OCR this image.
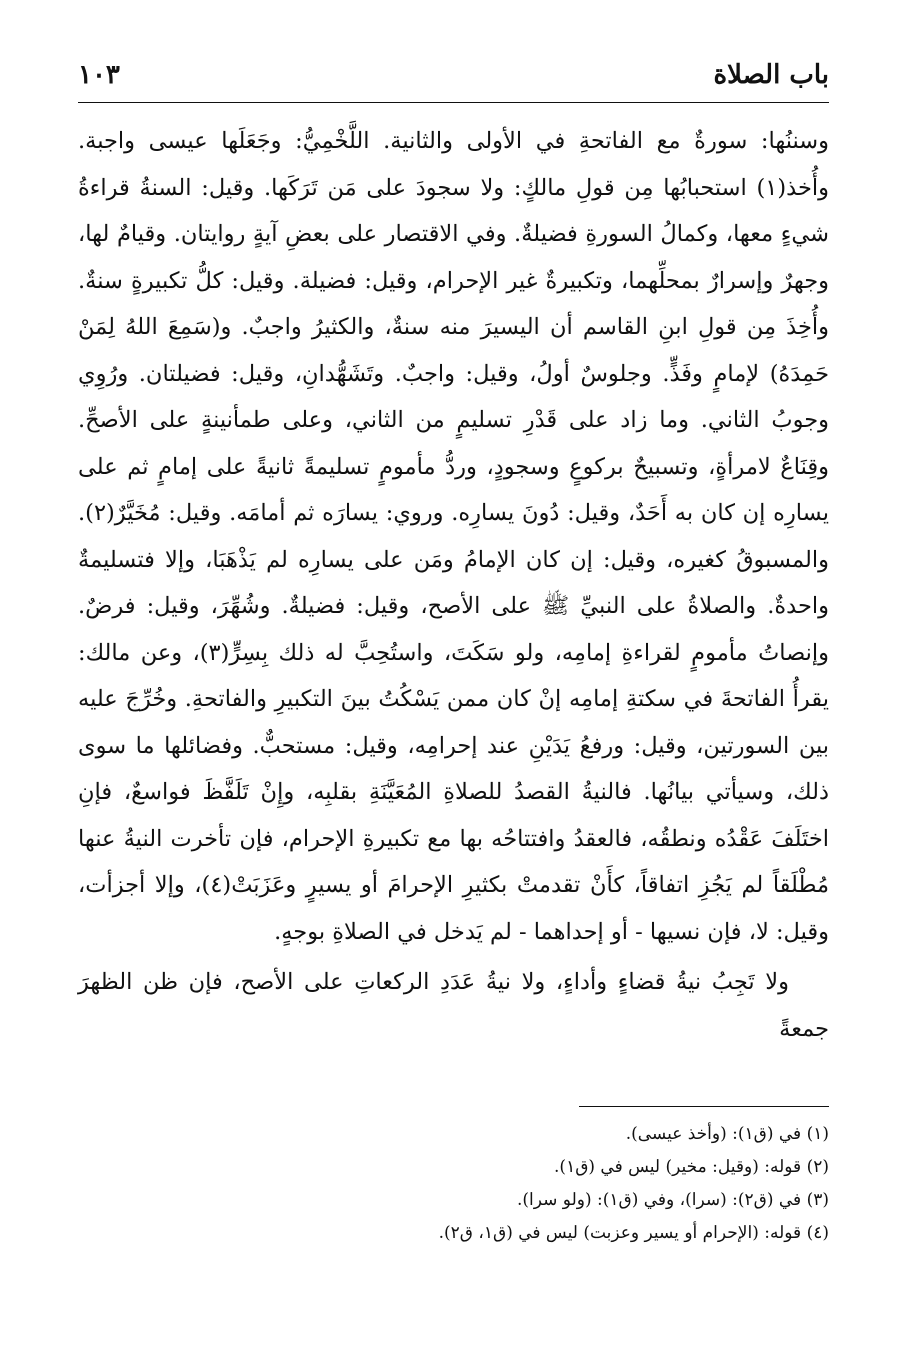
باب الصلاة
١٠٣

وسننُها: سورةٌ مع الفاتحةِ في الأولى والثانية. اللَّخْمِيُّ: وجَعَلَها عيسى واجبة. وأُخذ(١) استحبابُها مِن قولِ مالكٍ: ولا سجودَ على مَن تَرَكَها. وقيل: السنةُ قراءةُ شيءٍ معها، وكمالُ السورةِ فضيلةٌ. وفي الاقتصار على بعضِ آيةٍ روايتان. وقيامٌ لها، وجهرٌ وإسرارٌ بمحلِّهما، وتكبيرةٌ غير الإحرام، وقيل: فضيلة. وقيل: كلُّ تكبيرةٍ سنةٌ. وأُخِذَ مِن قولِ ابنِ القاسم أن اليسيرَ منه سنةٌ، والكثيرُ واجبٌ. و(سَمِعَ اللهُ لِمَنْ حَمِدَهُ) لإمامٍ وفَذٍّ. وجلوسٌ أولُ، وقيل: واجبٌ. وتَشَهُّدانِ، وقيل: فضيلتان. ورُوِي وجوبُ الثاني. وما زاد على قَدْرِ تسليمٍ من الثاني، وعلى طمأنينةٍ على الأصحِّ. وقِنَاعٌ لامرأةٍ، وتسبيحٌ بركوعٍ وسجودٍ، وردُّ مأمومٍ تسليمةً ثانيةً على إمامٍ ثم على يسارِه إن كان به أَحَدٌ، وقيل: دُونَ يسارِه. وروي: يسارَه ثم أمامَه. وقيل: مُخَيَّرٌ(٢). والمسبوقُ كغيره، وقيل: إن كان الإمامُ ومَن على يسارِه لم يَذْهَبَا، وإلا فتسليمةٌ واحدةٌ. والصلاةُ على النبيِّ ﷺ على الأصح، وقيل: فضيلةٌ. وشُهِّرَ، وقيل: فرضٌ. وإنصاتُ مأمومٍ لقراءةِ إمامِه، ولو سَكَتَ، واستُحِبَّ له ذلك بِسِرٍّ(٣)، وعن مالك: يقرأُ الفاتحةَ في سكتةِ إمامِه إنْ كان ممن يَسْكُتُ بينَ التكبيرِ والفاتحةِ. وخُرِّجَ عليه بين السورتين، وقيل: ورفعُ يَدَيْنِ عند إحرامِه، وقيل: مستحبٌّ. وفضائلها ما سوى ذلك، وسيأتي بيانُها. فالنيةُ القصدُ للصلاةِ المُعَيَّنَةِ بقلبِه، وإِنْ تَلَفَّظَ فواسعٌ، فإنِ اختَلَفَ عَقْدُه ونطقُه، فالعقدُ وافتتاحُه بها مع تكبيرةِ الإحرام، فإن تأخرت النيةُ عنها مُطْلَقاً لم يَجُزِ اتفاقاً، كأَنْ تقدمتْ بكثيرِ الإحرامَ أو يسيرٍ وعَزَبَتْ(٤)، وإلا أجزأت، وقيل: لا، فإن نسيها - أو إحداهما - لم يَدخل في الصلاةِ بوجهٍ.

ولا تَجِبُ نيةُ قضاءٍ وأداءٍ، ولا نيةُ عَدَدِ الركعاتِ على الأصح، فإن ظن الظهرَ جمعةً

(١) في (ق١): (وأخذ عيسى).
(٢) قوله: (وقيل: مخير) ليس في (ق١).
(٣) في (ق٢): (سرا)، وفي (ق١): (ولو سرا).
(٤) قوله: (الإحرام أو يسير وعزبت) ليس في (ق١، ق٢).
